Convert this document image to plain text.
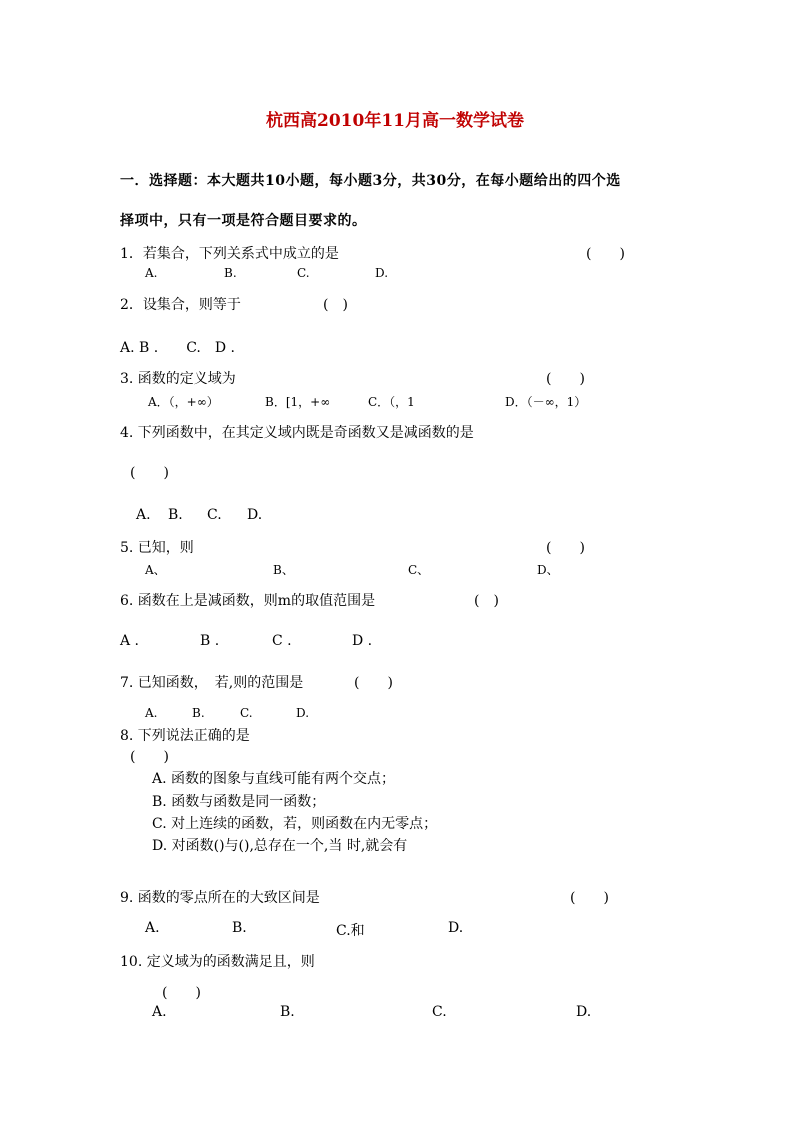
杭西高2010年11月高一数学试卷
一．选择题：本大题共10小题，每小题3分，共30分，在每小题给出的四个选
择项中，只有一项是符合题目要求的。
1．若集合，下列关系式中成立的是	(　　)
A.	B.	C.	D.
2．设集合，则等于	(　)
A. B .　　C.　D .
3. 函数的定义域为	(　　)
A．（，+∞）	B．[1，+∞	C．（，1	D．（－∞，1）
4. 下列函数中，在其定义域内既是奇函数又是减函数的是
(　　)
A. B. C. D.
5. 已知，则	(　　)
A、	B、	C、	D、
6. 函数在上是减函数，则m的取值范围是	(　)
A .	B .	C .	D .
7. 已知函数，　若,则的范围是	(　　)
A.	B.	C.	D.
8. 下列说法正确的是
(　　)
A. 函数的图象与直线可能有两个交点；
B. 函数与函数是同一函数；
C. 对上连续的函数，若，则函数在内无零点；
D. 对函数()与(),总存在一个,当 时,就会有
9. 函数的零点所在的大致区间是	(　　)
A.	B.	C.和	D.
10. 定义域为的函数满足且，则
(　　)
A.	B.	C.	D.
